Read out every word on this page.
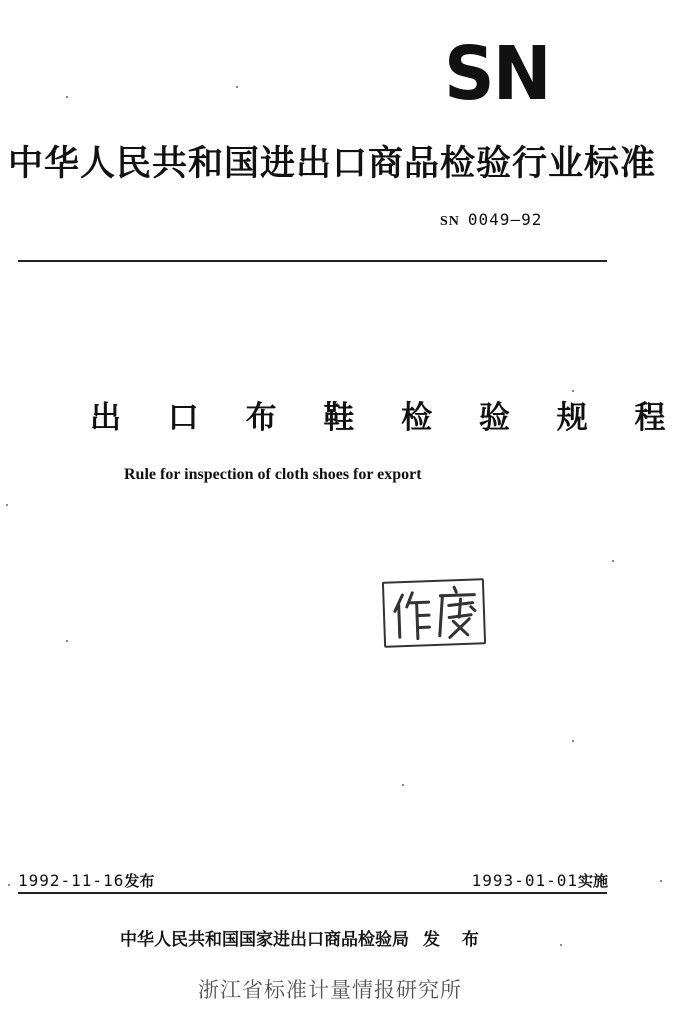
SN
中华人民共和国进出口商品检验行业标准
SN 0049—92
出 口 布 鞋 检 验 规 程
Rule for inspection of cloth shoes for export
1992-11-16发布	1993-01-01实施
中华人民共和国国家进出口商品检验局 发 布
浙江省标准计量情报研究所
